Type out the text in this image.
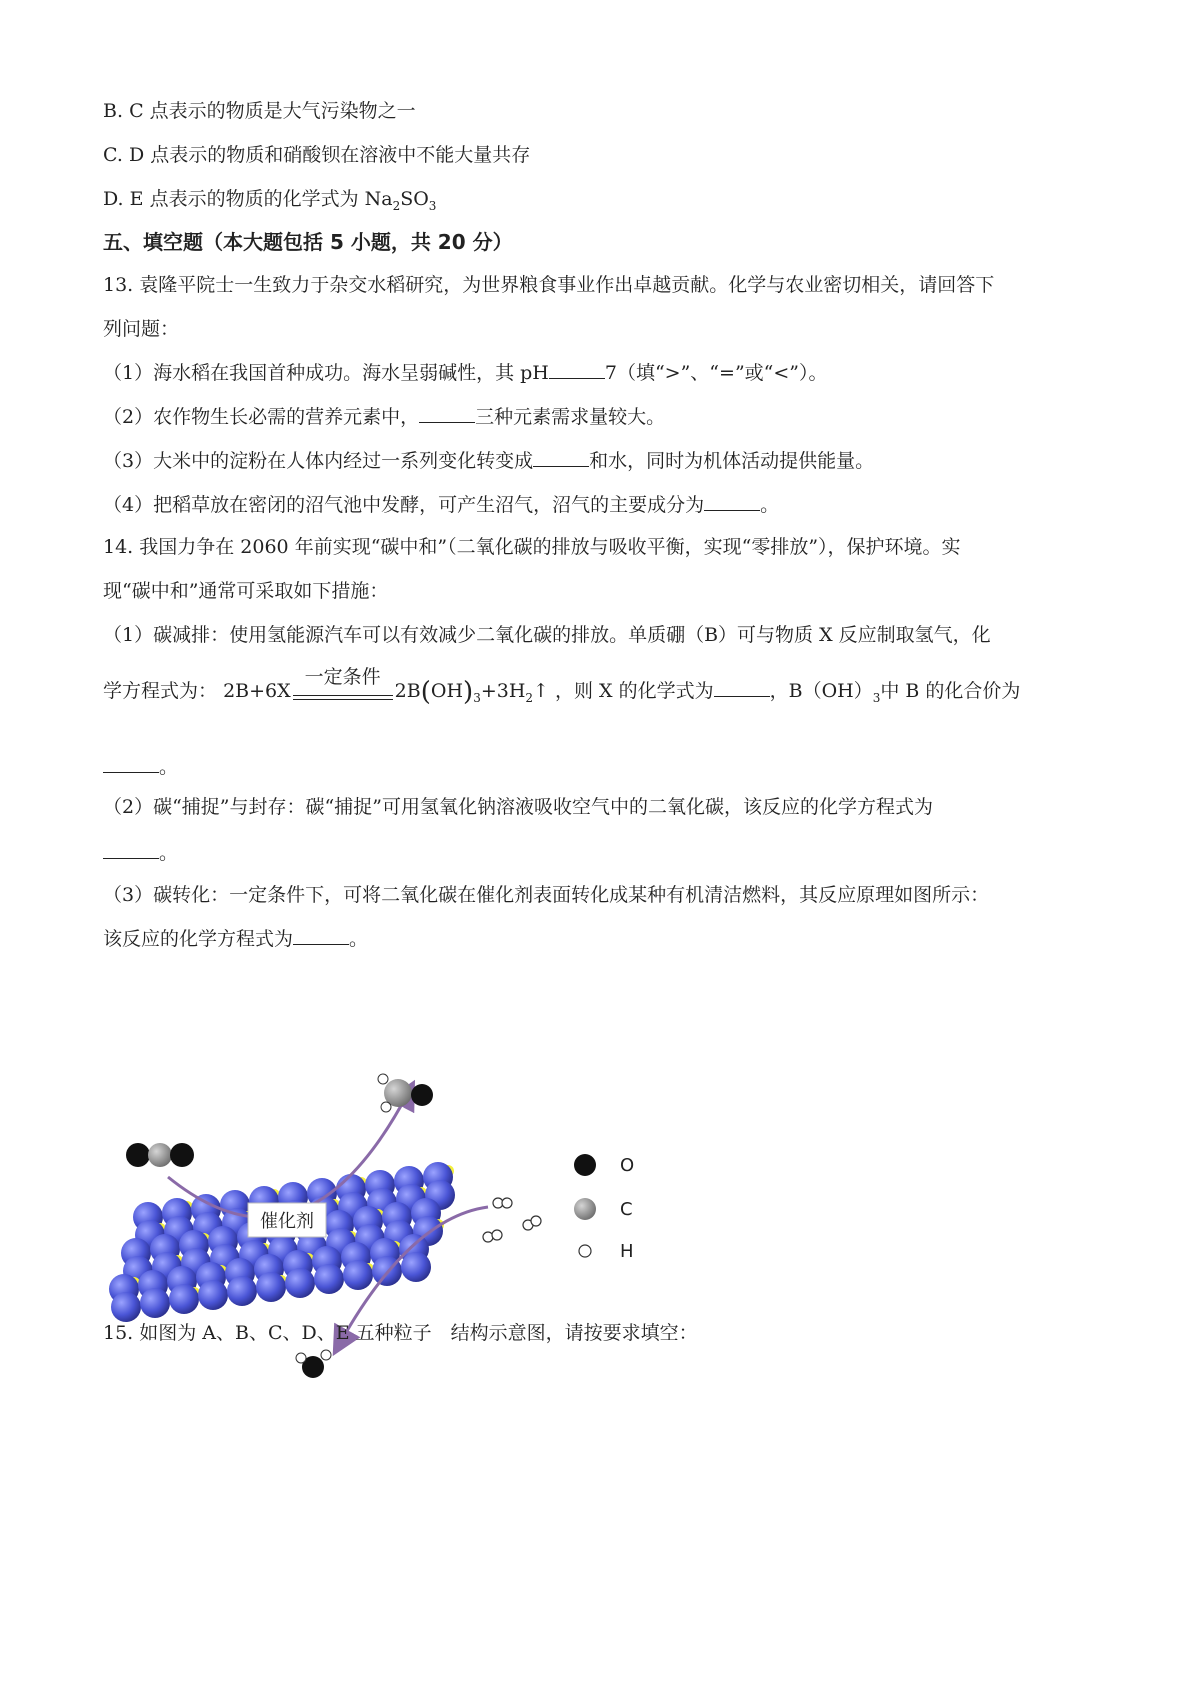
B. C 点表示的物质是大气污染物之一
C. D 点表示的物质和硝酸钡在溶液中不能大量共存
D. E 点表示的物质的化学式为 $Na_2SO_3$
五、填空题（本大题包括 5 小题，共 20 分）
13. 袁隆平院士一生致力于杂交水稻研究，为世界粮食事业作出卓越贡献。化学与农业密切相关，请回答下
列问题：
（1）海水稻在我国首种成功。海水呈弱碱性，其 pH	7（填“>”、“=”或“<”）。
（2）农作物生长必需的营养元素中，	三种元素需求量较大。
（3）大米中的淀粉在人体内经过一系列变化转变成	和水，同时为机体活动提供能量。
（4）把稻草放在密闭的沼气池中发酵，可产生沼气，沼气的主要成分为	。
14. 我国力争在 2060 年前实现“碳中和”（二氧化碳的排放与吸收平衡，实现“零排放”），保护环境。实
现“碳中和”通常可采取如下措施：
（1）碳减排：使用氢能源汽车可以有效减少二氧化碳的排放。单质硼（B）可与物质 X 反应制取氢气，化
学方程式为： 2B+6X
一定条件
$2B(OH)_3+3H_2↑$ ，则 X 的化学式为	，$B(OH)_3$中 B 的化合价为
。
（2）碳“捕捉”与封存：碳“捕捉”可用氢氧化钠溶液吸收空气中的二氧化碳，该反应的化学方程式为
。
（3）碳转化：一定条件下，可将二氧化碳在催化剂表面转化成某种有机清洁燃料，其反应原理如图所示：
该反应的化学方程式为	。
催化剂
O
C
H
15. 如图为 A、B、C、D、E 五种粒子　结构示意图，请按要求填空：
